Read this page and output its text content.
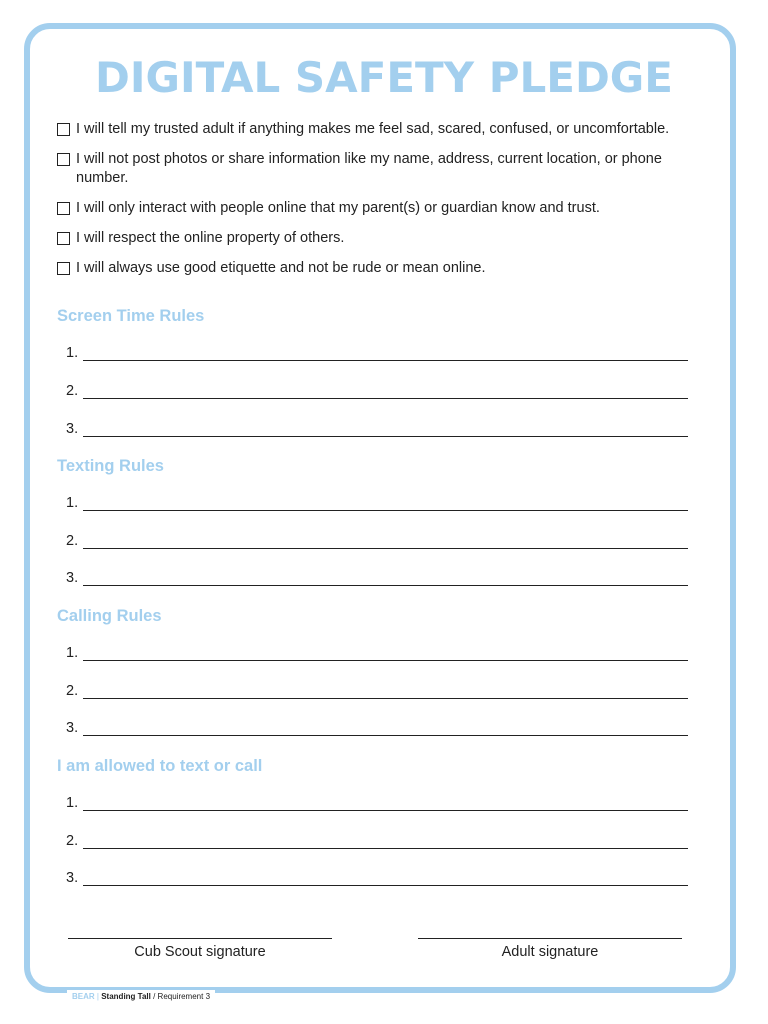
DIGITAL SAFETY PLEDGE
I will tell my trusted adult if anything makes me feel sad, scared, confused, or uncomfortable.
I will not post photos or share information like my name, address, current location, or phone number.
I will only interact with people online that my parent(s) or guardian know and trust.
I will respect the online property of others.
I will always use good etiquette and not be rude or mean online.
Screen Time Rules
1.
2.
3.
Texting Rules
1.
2.
3.
Calling Rules
1.
2.
3.
I am allowed to text or call
1.
2.
3.
Cub Scout signature	Adult signature
BEAR | Standing Tall / Requirement 3
